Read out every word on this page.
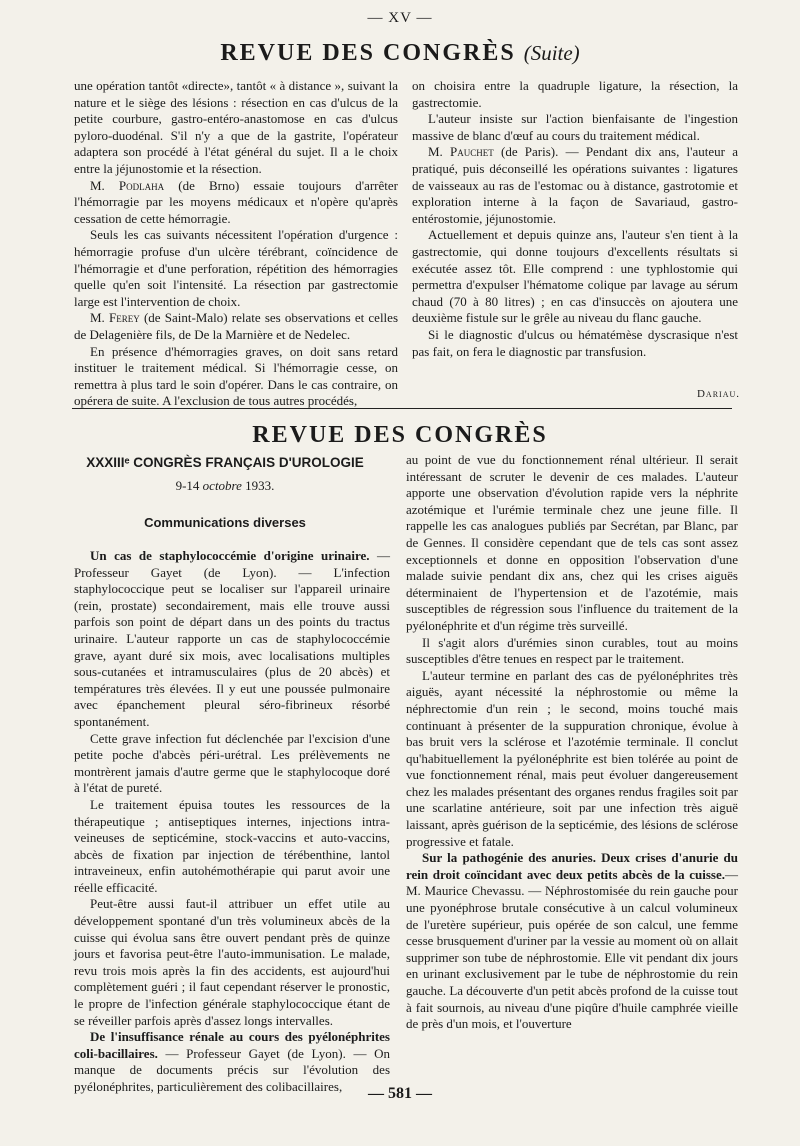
— XV —
REVUE DES CONGRÈS (Suite)

une opération tantôt «directe», tantôt « à distance », suivant la nature et le siège des lésions : résection en cas d'ulcus de la petite courbure, gastro-entéro-anastomose en cas d'ulcus pyloro-duodénal. S'il n'y a que de la gastrite, l'opérateur adaptera son procédé à l'état général du sujet. Il a le choix entre la jéjunostomie et la résection.

M. Podlaha (de Brno) essaie toujours d'arrêter l'hémorragie par les moyens médicaux et n'opère qu'après cessation de cette hémorragie.

Seuls les cas suivants nécessitent l'opération d'urgence : hémorragie profuse d'un ulcère térébrant, coïncidence de l'hémorragie et d'une perforation, répétition des hémorragies quelle qu'en soit l'intensité. La résection par gastrectomie large est l'intervention de choix.

M. Ferey (de Saint-Malo) relate ses observations et celles de Delagenière fils, de De la Marnière et de Nedelec.

En présence d'hémorragies graves, on doit sans retard instituer le traitement médical. Si l'hémorragie cesse, on remettra à plus tard le soin d'opérer. Dans le cas contraire, on opérera de suite. A l'exclusion de tous autres procédés,

on choisira entre la quadruple ligature, la résection, la gastrectomie.

L'auteur insiste sur l'action bienfaisante de l'ingestion massive de blanc d'œuf au cours du traitement médical.

M. Pauchet (de Paris). — Pendant dix ans, l'auteur a pratiqué, puis déconseillé les opérations suivantes : ligatures de vaisseaux au ras de l'estomac ou à distance, gastrotomie et exploration interne à la façon de Savariaud, gastro-entérostomie, jéjunostomie.

Actuellement et depuis quinze ans, l'auteur s'en tient à la gastrectomie, qui donne toujours d'excellents résultats si exécutée assez tôt. Elle comprend : une typhlostomie qui permettra d'expulser l'hématome colique par lavage au sérum chaud (70 à 80 litres) ; en cas d'insuccès on ajoutera une deuxième fistule sur le grêle au niveau du flanc gauche.

Si le diagnostic d'ulcus ou hématémèse dyscrasique n'est pas fait, on fera le diagnostic par transfusion.

Dariau.
REVUE DES CONGRÈS
XXXIIIᵉ CONGRÈS FRANÇAIS D'UROLOGIE
9-14 octobre 1933.
Communications diverses

Un cas de staphylococcémie d'origine urinaire. — Professeur Gayet (de Lyon). — L'infection staphylococcique peut se localiser sur l'appareil urinaire (rein, prostate) secondairement, mais elle trouve aussi parfois son point de départ dans un des points du tractus urinaire. L'auteur rapporte un cas de staphylococcémie grave, ayant duré six mois, avec localisations multiples sous-cutanées et intramusculaires (plus de 20 abcès) et températures très élevées. Il y eut une poussée pulmonaire avec épanchement pleural séro-fibrineux résorbé spontanément.

Cette grave infection fut déclenchée par l'excision d'une petite poche d'abcès péri-urétral. Les prélèvements ne montrèrent jamais d'autre germe que le staphylocoque doré à l'état de pureté.

Le traitement épuisa toutes les ressources de la thérapeutique ; antiseptiques internes, injections intra-veineuses de septicémine, stock-vaccins et auto-vaccins, abcès de fixation par injection de térébenthine, lantol intraveineux, enfin autohémothérapie qui parut avoir une réelle efficacité.

Peut-être aussi faut-il attribuer un effet utile au développement spontané d'un très volumineux abcès de la cuisse qui évolua sans être ouvert pendant près de quinze jours et favorisa peut-être l'auto-immunisation. Le malade, revu trois mois après la fin des accidents, est aujourd'hui complètement guéri ; il faut cependant réserver le pronostic, le propre de l'infection générale staphylococcique étant de se réveiller parfois après d'assez longs intervalles.

De l'insuffisance rénale au cours des pyélonéphrites coli-bacillaires. — Professeur Gayet (de Lyon). — On manque de documents précis sur l'évolution des pyélonéphrites, particulièrement des colibacillaires,

au point de vue du fonctionnement rénal ultérieur. Il serait intéressant de scruter le devenir de ces malades. L'auteur apporte une observation d'évolution rapide vers la néphrite azotémique et l'urémie terminale chez une jeune fille. Il rappelle les cas analogues publiés par Secrétan, par Blanc, par de Gennes. Il considère cependant que de tels cas sont assez exceptionnels et donne en opposition l'observation d'une malade suivie pendant dix ans, chez qui les crises aiguës déterminaient de l'hypertension et de l'azotémie, mais susceptibles de régression sous l'influence du traitement de la pyélonéphrite et d'un régime très surveillé.

Il s'agit alors d'urémies sinon curables, tout au moins susceptibles d'être tenues en respect par le traitement.

L'auteur termine en parlant des cas de pyélonéphrites très aiguës, ayant nécessité la néphrostomie ou même la néphrectomie d'un rein ; le second, moins touché mais continuant à présenter de la suppuration chronique, évolue à bas bruit vers la sclérose et l'azotémie terminale. Il conclut qu'habituellement la pyélonéphrite est bien tolérée au point de vue fonctionnement rénal, mais peut évoluer dangereusement chez les malades présentant des organes rendus fragiles soit par une scarlatine antérieure, soit par une infection très aiguë laissant, après guérison de la septicémie, des lésions de sclérose progressive et fatale.

Sur la pathogénie des anuries. Deux crises d'anurie du rein droit coïncidant avec deux petits abcès de la cuisse.—M. Maurice Chevassu. — Néphrostomisée du rein gauche pour une pyonéphrose brutale consécutive à un calcul volumineux de l'uretère supérieur, puis opérée de son calcul, une femme cesse brusquement d'uriner par la vessie au moment où on allait supprimer son tube de néphrostomie. Elle vit pendant dix jours en urinant exclusivement par le tube de néphrostomie du rein gauche. La découverte d'un petit abcès profond de la cuisse tout à fait sournois, au niveau d'une piqûre d'huile camphrée vieille de près d'un mois, et l'ouverture

— 581 —
